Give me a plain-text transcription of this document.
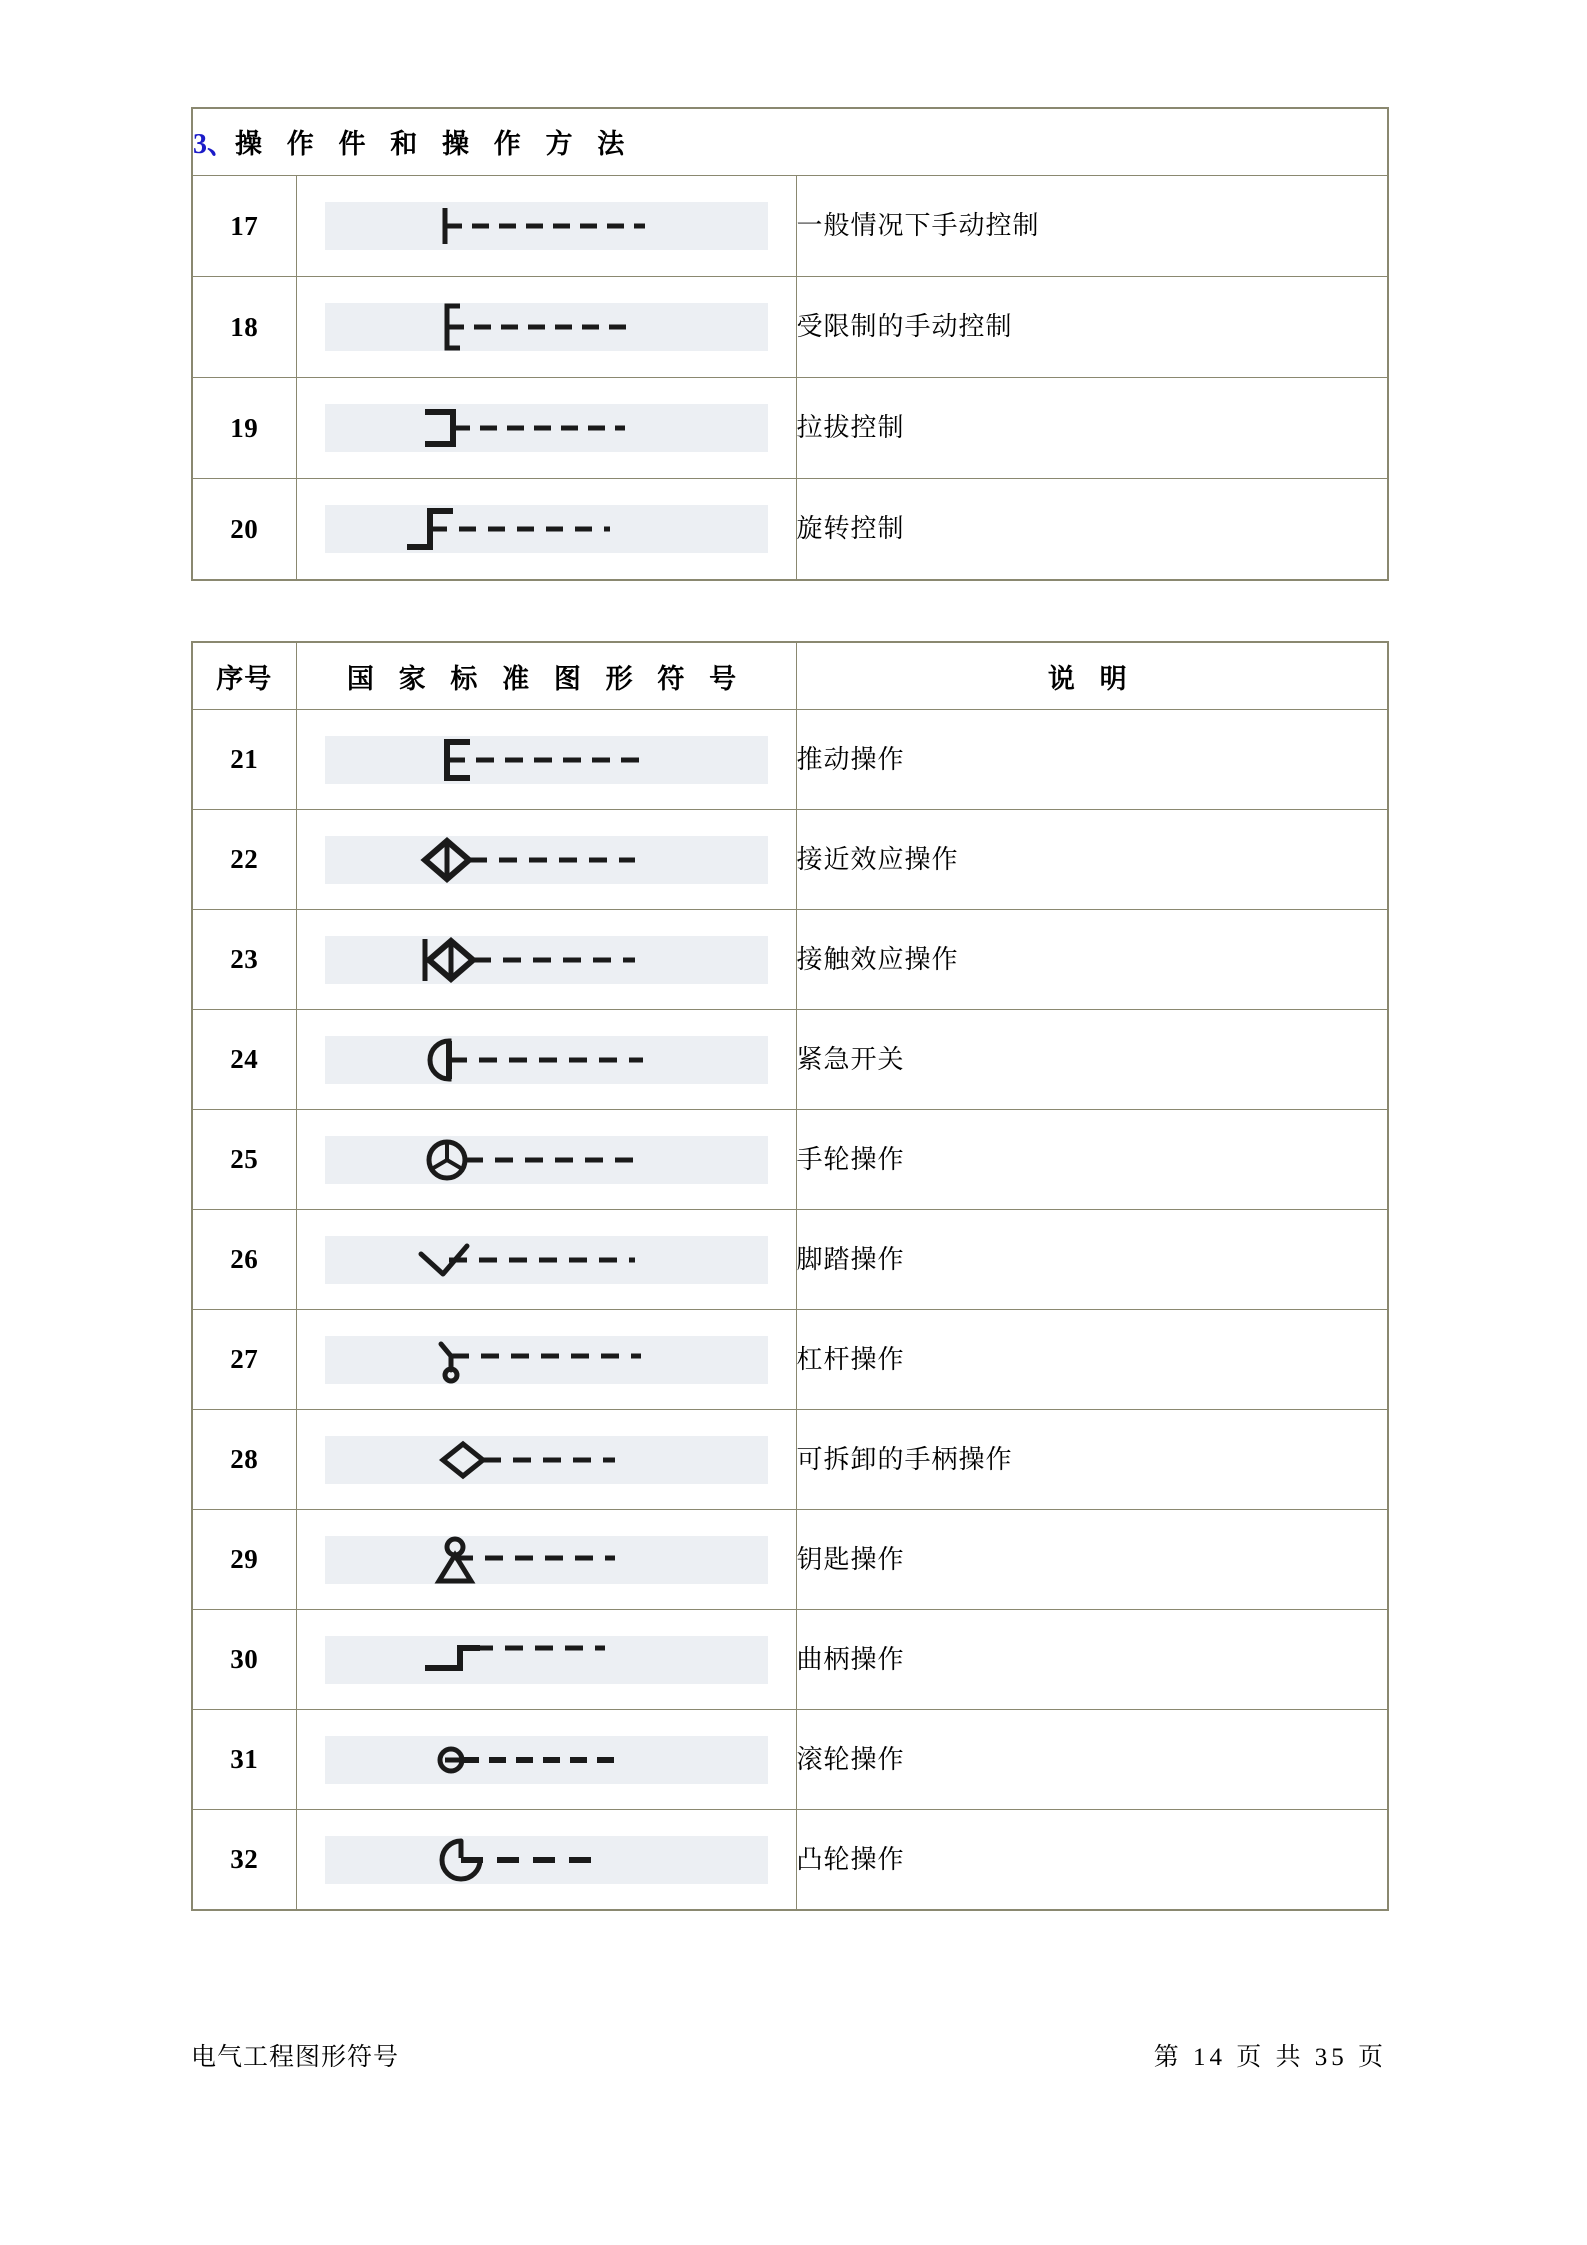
3、操 作 件 和 操 作 方 法		
17		一般情况下手动控制
18		受限制的手动控制
19		拉拔控制
20		旋转控制
序号	国 家 标 准 图 形 符 号	说 明
21		推动操作
22		接近效应操作
23		接触效应操作
24		紧急开关
25		手轮操作
26		脚踏操作
27		杠杆操作
28		可拆卸的手柄操作
29		钥匙操作
30		曲柄操作
31		滚轮操作
32		凸轮操作
电气工程图形符号	第 14 页 共 35 页
